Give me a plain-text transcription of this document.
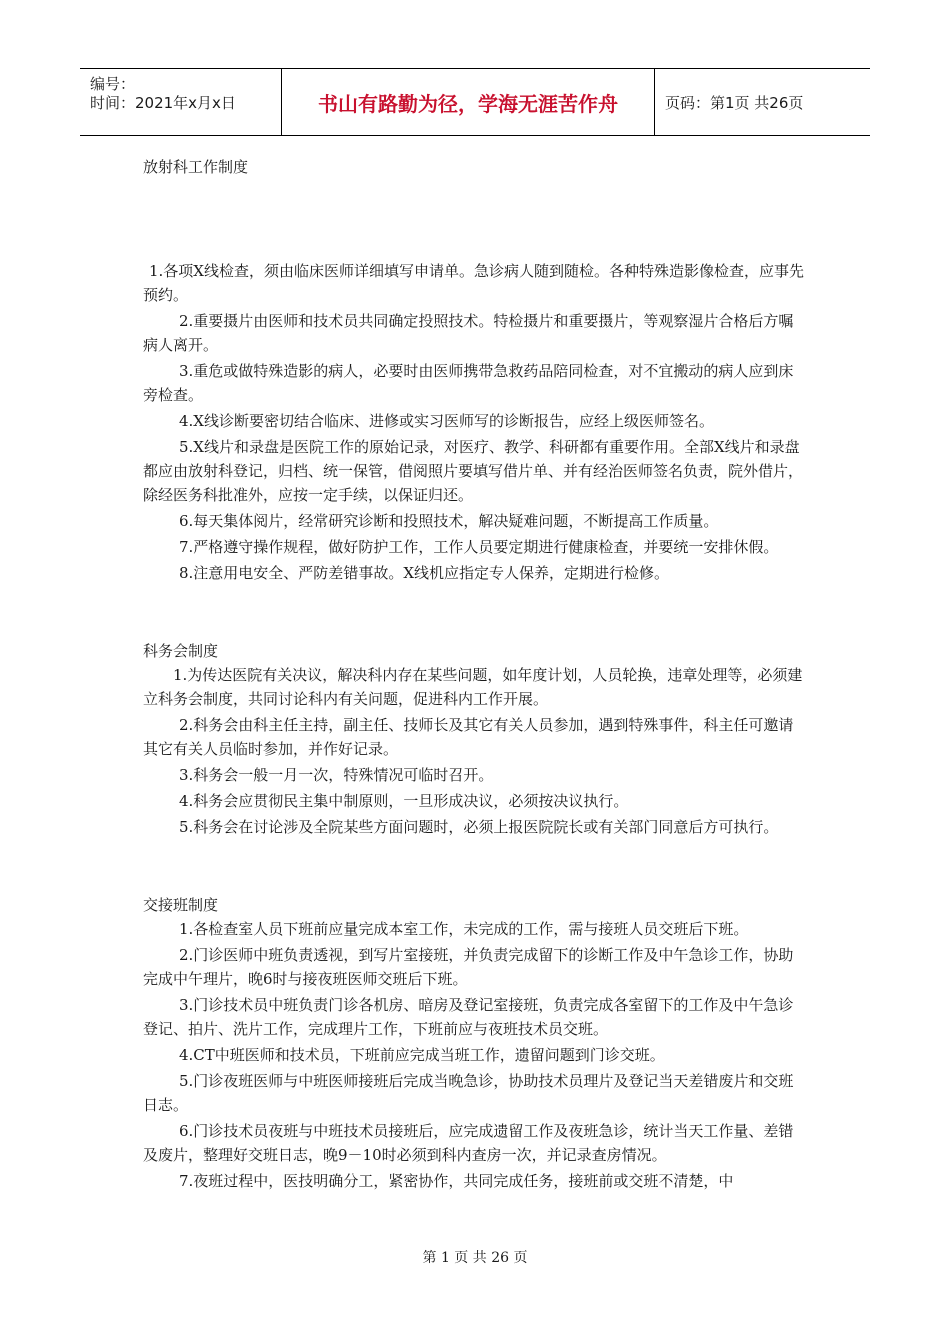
编号：
时间：2021年x月x日	书山有路勤为径，学海无涯苦作舟	页码：第1页 共26页

放射科工作制度

1.各项X线检查，须由临床医师详细填写申请单。急诊病人随到随检。各种特殊造影像检查，应事先预约。

2.重要摄片由医师和技术员共同确定投照技术。特检摄片和重要摄片，等观察湿片合格后方嘱病人离开。

3.重危或做特殊造影的病人，必要时由医师携带急救药品陪同检查，对不宜搬动的病人应到床旁检查。

4.X线诊断要密切结合临床、进修或实习医师写的诊断报告，应经上级医师签名。

5.X线片和录盘是医院工作的原始记录，对医疗、教学、科研都有重要作用。全部X线片和录盘都应由放射科登记，归档、统一保管，借阅照片要填写借片单、并有经治医师签名负责，院外借片，除经医务科批准外，应按一定手续，以保证归还。

6.每天集体阅片，经常研究诊断和投照技术，解决疑难问题，不断提高工作质量。

7.严格遵守操作规程，做好防护工作，工作人员要定期进行健康检查，并要统一安排休假。

8.注意用电安全、严防差错事故。X线机应指定专人保养，定期进行检修。

科务会制度

1.为传达医院有关决议，解决科内存在某些问题，如年度计划，人员轮换，违章处理等，必须建立科务会制度，共同讨论科内有关问题，促进科内工作开展。

2.科务会由科主任主持，副主任、技师长及其它有关人员参加，遇到特殊事件，科主任可邀请其它有关人员临时参加，并作好记录。

3.科务会一般一月一次，特殊情况可临时召开。

4.科务会应贯彻民主集中制原则，一旦形成决议，必须按决议执行。

5.科务会在讨论涉及全院某些方面问题时，必须上报医院院长或有关部门同意后方可执行。

交接班制度

1.各检查室人员下班前应量完成本室工作，未完成的工作，需与接班人员交班后下班。

2.门诊医师中班负责透视，到写片室接班，并负责完成留下的诊断工作及中午急诊工作，协助完成中午理片，晚6时与接夜班医师交班后下班。

3.门诊技术员中班负责门诊各机房、暗房及登记室接班，负责完成各室留下的工作及中午急诊登记、拍片、洗片工作，完成理片工作，下班前应与夜班技术员交班。

4.CT中班医师和技术员，下班前应完成当班工作，遗留问题到门诊交班。

5.门诊夜班医师与中班医师接班后完成当晚急诊，协助技术员理片及登记当天差错废片和交班日志。

6.门诊技术员夜班与中班技术员接班后，应完成遗留工作及夜班急诊，统计当天工作量、差错及废片，整理好交班日志，晚9－10时必须到科内查房一次，并记录查房情况。

7.夜班过程中，医技明确分工，紧密协作，共同完成任务，接班前或交班不清楚，中

第 1 页 共 26 页
